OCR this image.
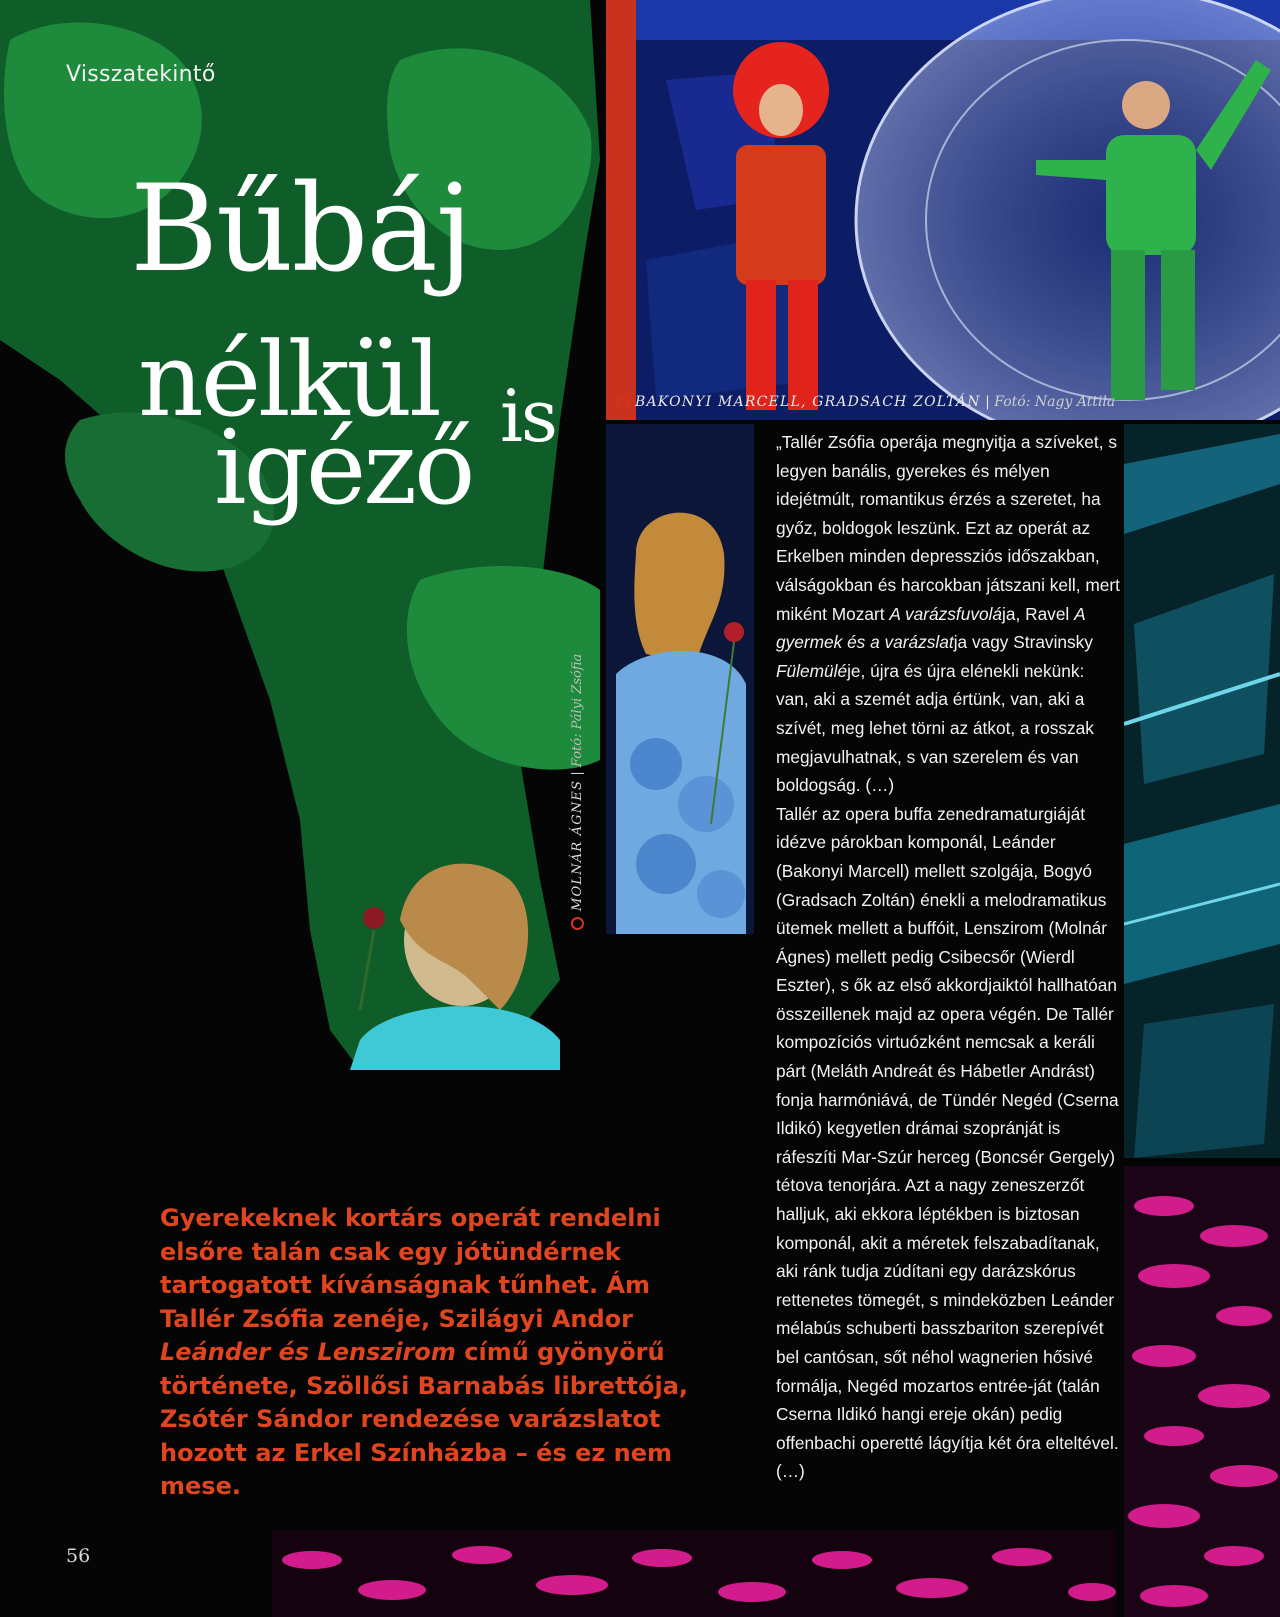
BAKONYI MARCELL, GRADSACH ZOLTÁN | Fotó: Nagy Attila
MOLNÁR ÁGNES | Fotó: Pályi Zsófia
Visszatekintő
Bűbáj
nélkül is
igéző	„Tallér Zsófia operája megnyitja a szíveket, s legyen banális, gyerekes és mélyen idejétmúlt, romantikus érzés a szeretet, ha győz, boldogok leszünk. Ezt az operát az Erkelben minden depressziós időszakban, válságokban és harcokban játszani kell, mert miként Mozart A varázsfuvolája, Ravel A gyermek és a varázslatja vagy Stravinsky Fülemüléje, újra és újra elénekli nekünk: van, aki a szemét adja értünk, van, aki a szívét, meg lehet törni az átkot, a rosszak megjavulhatnak, s van szerelem és van boldogság. (…)

Tallér az opera buffa zenedramaturgiáját idézve párokban komponál, Leánder (Bakonyi Marcell) mellett szolgája, Bogyó (Gradsach Zoltán) énekli a melodramatikus ütemek mellett a buffóit, Lenszirom (Molnár Ágnes) mellett pedig Csibecsőr (Wierdl Eszter), s ők az első akkordjaiktól hallhatóan összeillenek majd az opera végén. De Tallér kompozíciós virtuózként nemcsak a keráli párt (Meláth Andreát és Hábetler Andrást) fonja harmóniává, de Tündér Negéd (Cserna Ildikó) kegyetlen drámai szopránját is ráfeszíti Mar-Szúr herceg (Boncsér Gergely) tétova tenorjára. Azt a nagy zeneszerzőt halljuk, aki ekkora léptékben is biztosan komponál, akit a méretek felszabadítanak, aki ránk tudja zúdítani egy darázskórus rettenetes tömegét, s mindeközben Leánder mélabús schuberti basszbariton szerepívét bel cantósan, sőt néhol wagnerien hősivé formálja, Negéd mozartos entrée-ját (talán Cserna Ildikó hangi ereje okán) pedig offenbachi operetté lágyítja két óra elteltével. (…)

Gyerekeknek kortárs operát rendelni elsőre talán csak egy jótündérnek tartogatott kívánságnak tűnhet. Ám Tallér Zsófia zenéje, Szilágyi Andor Leánder és Lenszirom című gyönyörű története, Szöllősi Barnabás librettója, Zsótér Sándor rendezése varázslatot hozott az Erkel Színházba – és ez nem mese.
56
